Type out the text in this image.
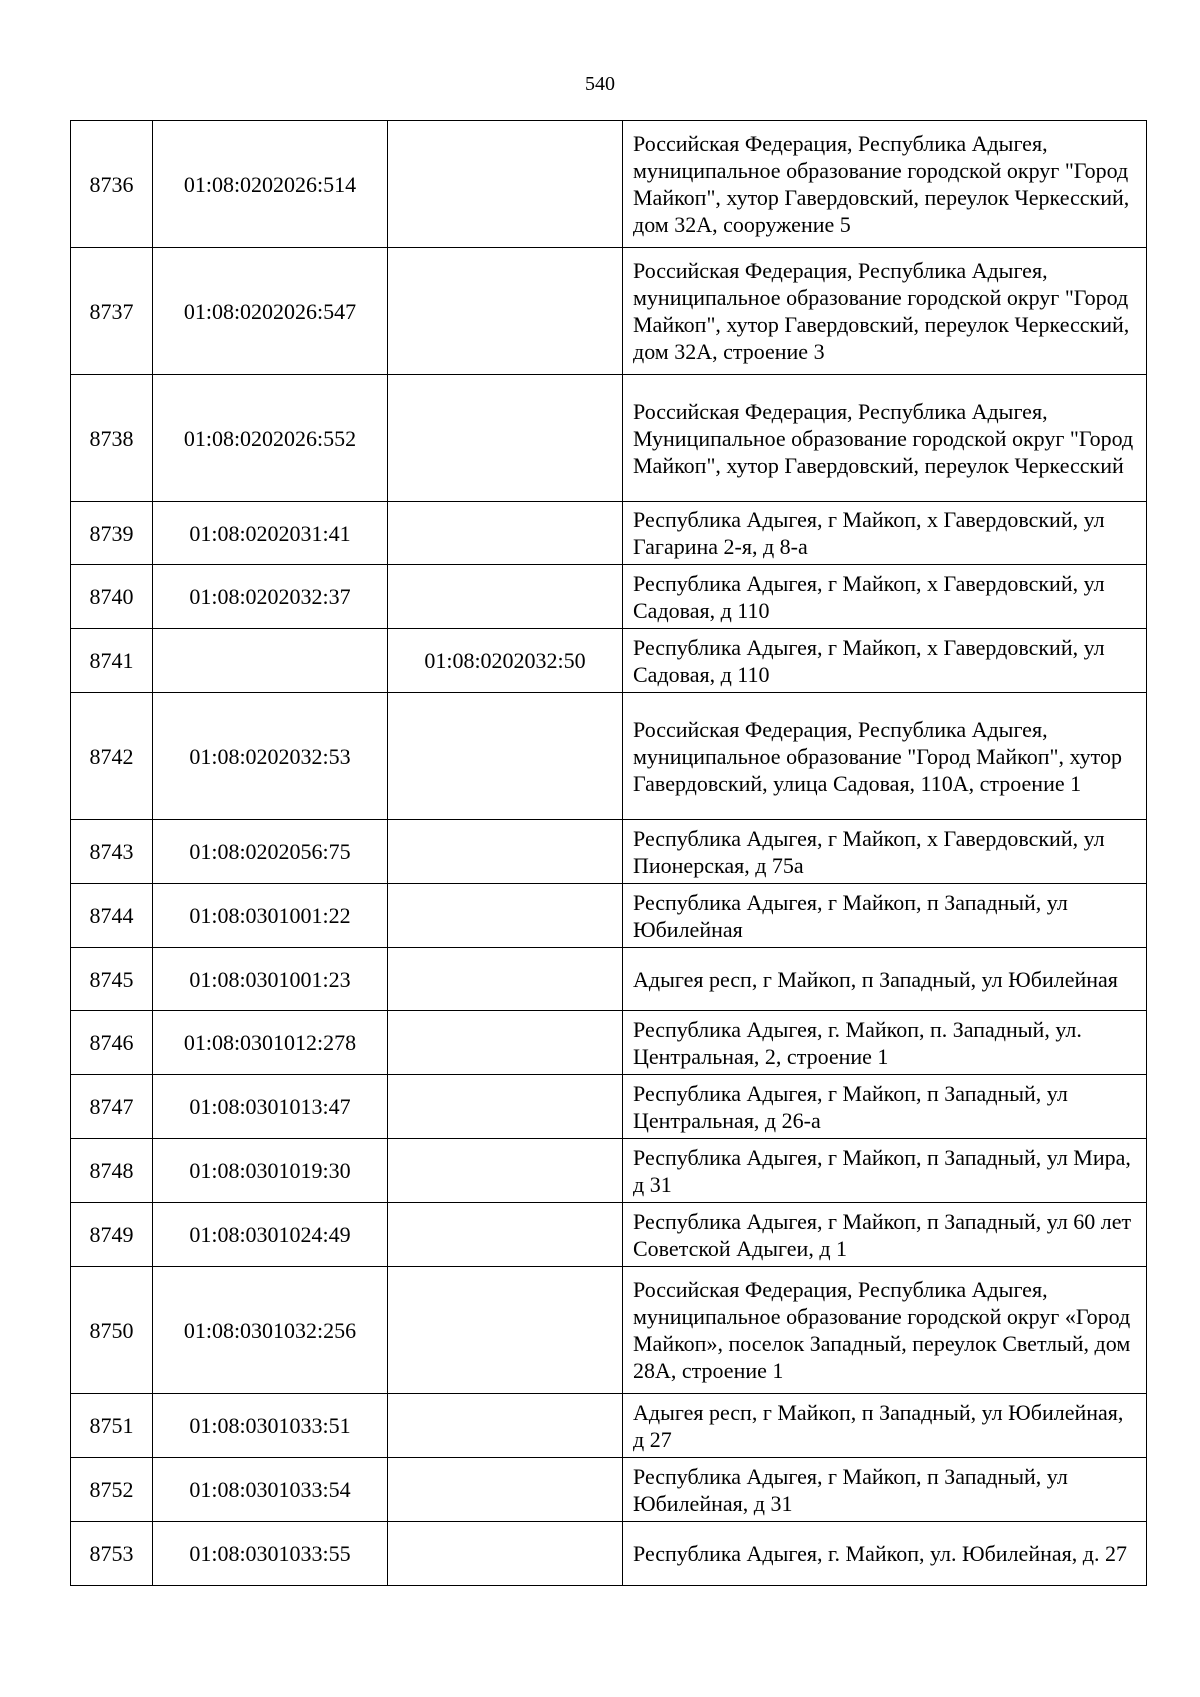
540
8736	01:08:0202026:514		Российская Федерация, Республика Адыгея, муниципальное образование городской округ "Город Майкоп", хутор Гавердовский, переулок Черкесский, дом 32А, сооружение 5
8737	01:08:0202026:547		Российская Федерация, Республика Адыгея, муниципальное образование городской округ "Город Майкоп", хутор Гавердовский, переулок Черкесский, дом 32А, строение 3
8738	01:08:0202026:552		Российская Федерация, Республика Адыгея, Муниципальное образование городской округ "Город Майкоп", хутор Гавердовский, переулок Черкесский
8739	01:08:0202031:41		Республика Адыгея, г Майкоп, х Гавердовский, ул Гагарина 2-я, д 8-а
8740	01:08:0202032:37		Республика Адыгея, г Майкоп, х Гавердовский, ул Садовая, д 110
8741		01:08:0202032:50	Республика Адыгея, г Майкоп, х Гавердовский, ул Садовая, д 110
8742	01:08:0202032:53		Российская Федерация, Республика Адыгея, муниципальное образование "Город Майкоп", хутор Гавердовский, улица Садовая, 110А, строение 1
8743	01:08:0202056:75		Республика Адыгея, г Майкоп, х Гавердовский, ул Пионерская, д 75а
8744	01:08:0301001:22		Республика Адыгея, г Майкоп, п Западный, ул Юбилейная
8745	01:08:0301001:23		Адыгея респ, г Майкоп, п Западный, ул Юбилейная
8746	01:08:0301012:278		Республика Адыгея, г. Майкоп, п. Западный, ул. Центральная, 2, строение 1
8747	01:08:0301013:47		Республика Адыгея, г Майкоп, п Западный, ул Центральная, д 26-а
8748	01:08:0301019:30		Республика Адыгея, г Майкоп, п Западный, ул Мира, д 31
8749	01:08:0301024:49		Республика Адыгея, г Майкоп, п Западный, ул 60 лет Советской Адыгеи, д 1
8750	01:08:0301032:256		Российская Федерация, Республика Адыгея, муниципальное образование городской округ «Город Майкоп», поселок Западный, переулок Светлый, дом 28А, строение 1
8751	01:08:0301033:51		Адыгея респ, г Майкоп, п Западный, ул Юбилейная, д 27
8752	01:08:0301033:54		Республика Адыгея, г Майкоп, п Западный, ул Юбилейная, д 31
8753	01:08:0301033:55		Республика Адыгея, г. Майкоп, ул. Юбилейная, д. 27
